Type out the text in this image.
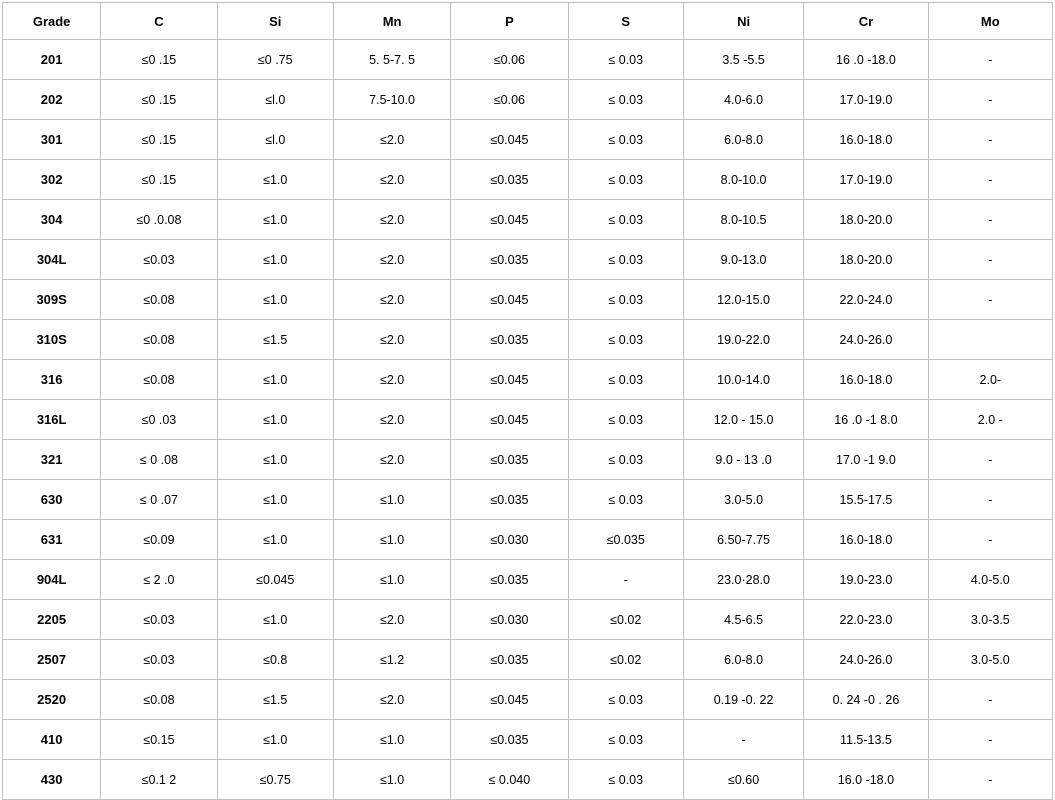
Grade	C	Si	Mn	P	S	Ni	Cr	Mo
201	≤0 .15	≤0 .75	5. 5-7. 5	≤0.06	≤ 0.03	3.5 -5.5	16 .0 -18.0	-
202	≤0 .15	≤l.0	7.5-10.0	≤0.06	≤ 0.03	4.0-6.0	17.0-19.0	-
301	≤0 .15	≤l.0	≤2.0	≤0.045	≤ 0.03	6.0-8.0	16.0-18.0	-
302	≤0 .15	≤1.0	≤2.0	≤0.035	≤ 0.03	8.0-10.0	17.0-19.0	-
304	≤0 .0.08	≤1.0	≤2.0	≤0.045	≤ 0.03	8.0-10.5	18.0-20.0	-
304L	≤0.03	≤1.0	≤2.0	≤0.035	≤ 0.03	9.0-13.0	18.0-20.0	-
309S	≤0.08	≤1.0	≤2.0	≤0.045	≤ 0.03	12.0-15.0	22.0-24.0	-
310S	≤0.08	≤1.5	≤2.0	≤0.035	≤ 0.03	19.0-22.0	24.0-26.0	
316	≤0.08	≤1.0	≤2.0	≤0.045	≤ 0.03	10.0-14.0	16.0-18.0	2.0-
316L	≤0 .03	≤1.0	≤2.0	≤0.045	≤ 0.03	12.0 - 15.0	16 .0 -1 8.0	2.0 -
321	≤ 0 .08	≤1.0	≤2.0	≤0.035	≤ 0.03	9.0 - 13 .0	17.0 -1 9.0	-
630	≤ 0 .07	≤1.0	≤1.0	≤0.035	≤ 0.03	3.0-5.0	15.5-17.5	-
631	≤0.09	≤1.0	≤1.0	≤0.030	≤0.035	6.50-7.75	16.0-18.0	-
904L	≤ 2 .0	≤0.045	≤1.0	≤0.035	-	23.0·28.0	19.0-23.0	4.0-5.0
2205	≤0.03	≤1.0	≤2.0	≤0.030	≤0.02	4.5-6.5	22.0-23.0	3.0-3.5
2507	≤0.03	≤0.8	≤1.2	≤0.035	≤0.02	6.0-8.0	24.0-26.0	3.0-5.0
2520	≤0.08	≤1.5	≤2.0	≤0.045	≤ 0.03	0.19 -0. 22	0. 24 -0 . 26	-
410	≤0.15	≤1.0	≤1.0	≤0.035	≤ 0.03	-	11.5-13.5	-
430	≤0.1 2	≤0.75	≤1.0	≤ 0.040	≤ 0.03	≤0.60	16.0 -18.0	-
